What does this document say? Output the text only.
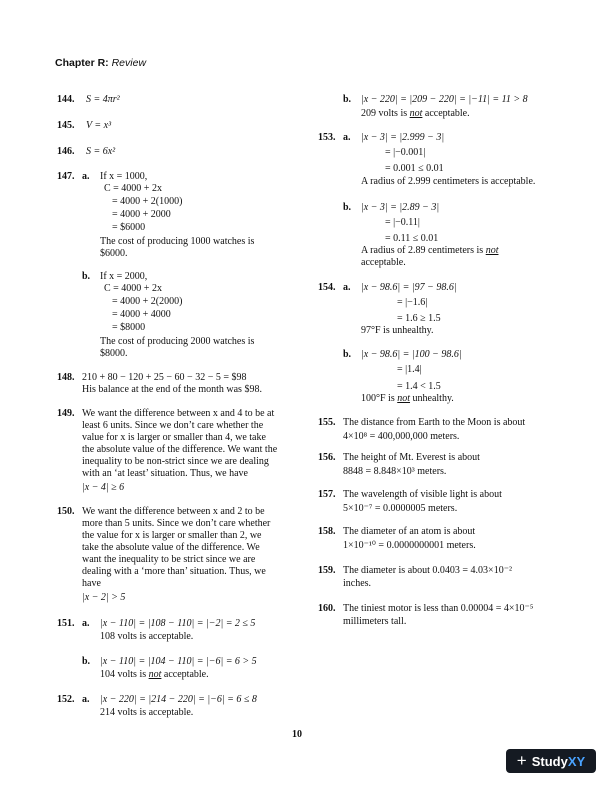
Chapter R: Review
144. S = 4πr²
145. V = x³
146. S = 6x²
147. a. If x = 1000,
C = 4000 + 2x
= 4000 + 2(1000)
= 4000 + 2000
= $6000
The cost of producing 1000 watches is
$6000.
b. If x = 2000,
C = 4000 + 2x
= 4000 + 2(2000)
= 4000 + 4000
= $8000
The cost of producing 2000 watches is
$8000.
148. 210 + 80 − 120 + 25 − 60 − 32 − 5 = $98
His balance at the end of the month was $98.
149. We want the difference between x and 4 to be at
least 6 units. Since we don’t care whether the
value for x is larger or smaller than 4, we take
the absolute value of the difference. We want the
inequality to be non-strict since we are dealing
with an ‘at least’ situation. Thus, we have
|x − 4| ≥ 6
150. We want the difference between x and 2 to be
more than 5 units. Since we don’t care whether
the value for x is larger or smaller than 2, we
take the absolute value of the difference. We
want the inequality to be strict since we are
dealing with a ‘more than’ situation. Thus, we
have
|x − 2| > 5
151. a. |x − 110| = |108 − 110| = |−2| = 2 ≤ 5
108 volts is acceptable.
b. |x − 110| = |104 − 110| = |−6| = 6 > 5
104 volts is not acceptable.
152. a. |x − 220| = |214 − 220| = |−6| = 6 ≤ 8
214 volts is acceptable.
b. |x − 220| = |209 − 220| = |−11| = 11 > 8
209 volts is not acceptable.
153. a. |x − 3| = |2.999 − 3|
= |−0.001|
= 0.001 ≤ 0.01
A radius of 2.999 centimeters is acceptable.
b. |x − 3| = |2.89 − 3|
= |−0.11|
= 0.11 ≤ 0.01
A radius of 2.89 centimeters is not
acceptable.
154. a. |x − 98.6| = |97 − 98.6|
= |−1.6|
= 1.6 ≥ 1.5
97°F is unhealthy.
b. |x − 98.6| = |100 − 98.6|
= |1.4|
= 1.4 < 1.5
100°F is not unhealthy.
155. The distance from Earth to the Moon is about
4×10⁸ = 400,000,000 meters.
156. The height of Mt. Everest is about
8848 = 8.848×10³ meters.
157. The wavelength of visible light is about
5×10⁻⁷ = 0.0000005 meters.
158. The diameter of an atom is about
1×10⁻¹⁰ = 0.0000000001 meters.
159. The diameter is about 0.0403 = 4.03×10⁻²
inches.
160. The tiniest motor is less than 0.00004 = 4×10⁻⁵
millimeters tall.
10
+ Study XY
